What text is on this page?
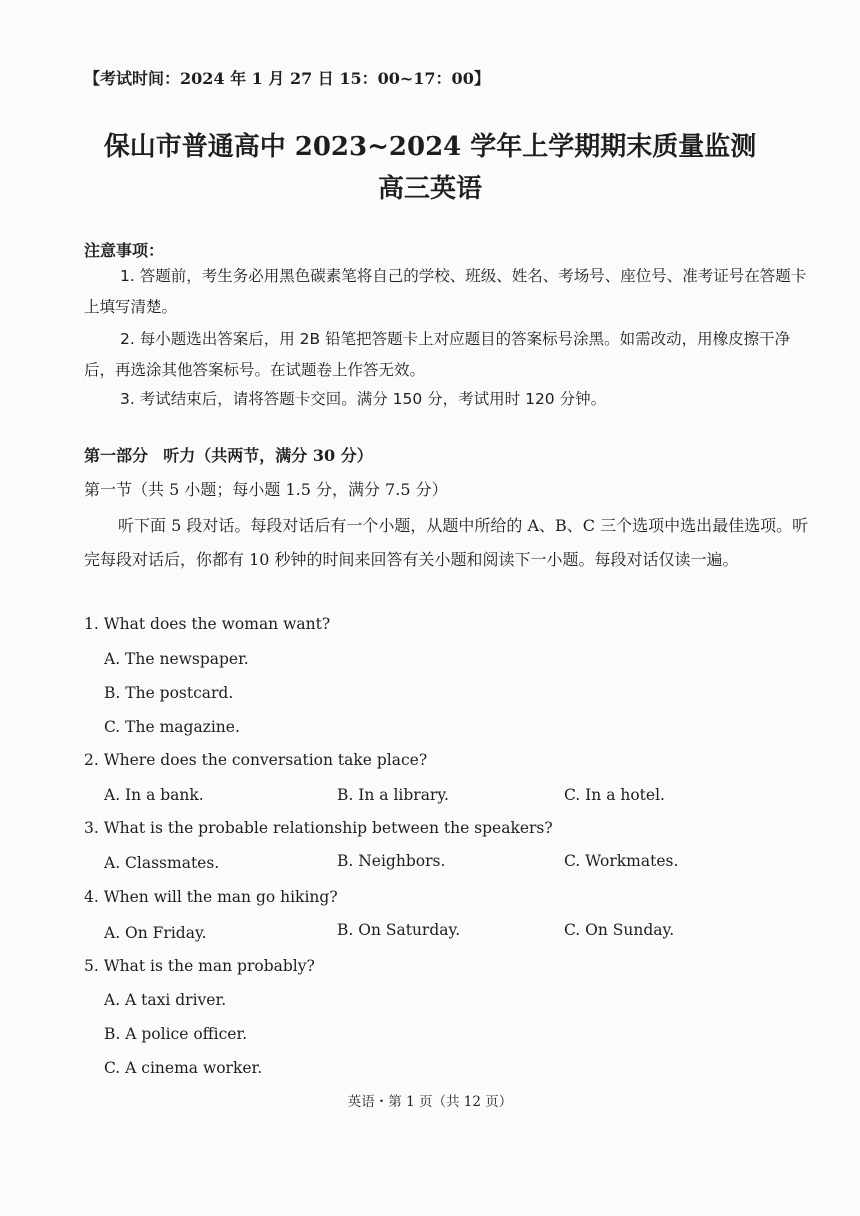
【考试时间：2024 年 1 月 27 日 15：00~17：00】
保山市普通高中 2023~2024 学年上学期期末质量监测
高三英语
注意事项：
1. 答题前，考生务必用黑色碳素笔将自己的学校、班级、姓名、考场号、座位号、准考证号在答题卡上填写清楚。
2. 每小题选出答案后，用 2B 铅笔把答题卡上对应题目的答案标号涂黑。如需改动，用橡皮擦干净后，再选涂其他答案标号。在试题卷上作答无效。
3. 考试结束后，请将答题卡交回。满分 150 分，考试用时 120 分钟。
第一部分 听力（共两节，满分 30 分）
第一节（共 5 小题；每小题 1.5 分，满分 7.5 分）
听下面 5 段对话。每段对话后有一个小题，从题中所给的 A、B、C 三个选项中选出最佳选项。听完每段对话后，你都有 10 秒钟的时间来回答有关小题和阅读下一小题。每段对话仅读一遍。
1. What does the woman want?
A. The newspaper.
B. The postcard.
C. The magazine.
2. Where does the conversation take place?
A. In a bank.	B. In a library.	C. In a hotel.
3. What is the probable relationship between the speakers?
A. Classmates.	B. Neighbors.	C. Workmates.
4. When will the man go hiking?
A. On Friday.	B. On Saturday.	C. On Sunday.
5. What is the man probably?
A. A taxi driver.
B. A police officer.
C. A cinema worker.
英语・第 1 页（共 12 页）
